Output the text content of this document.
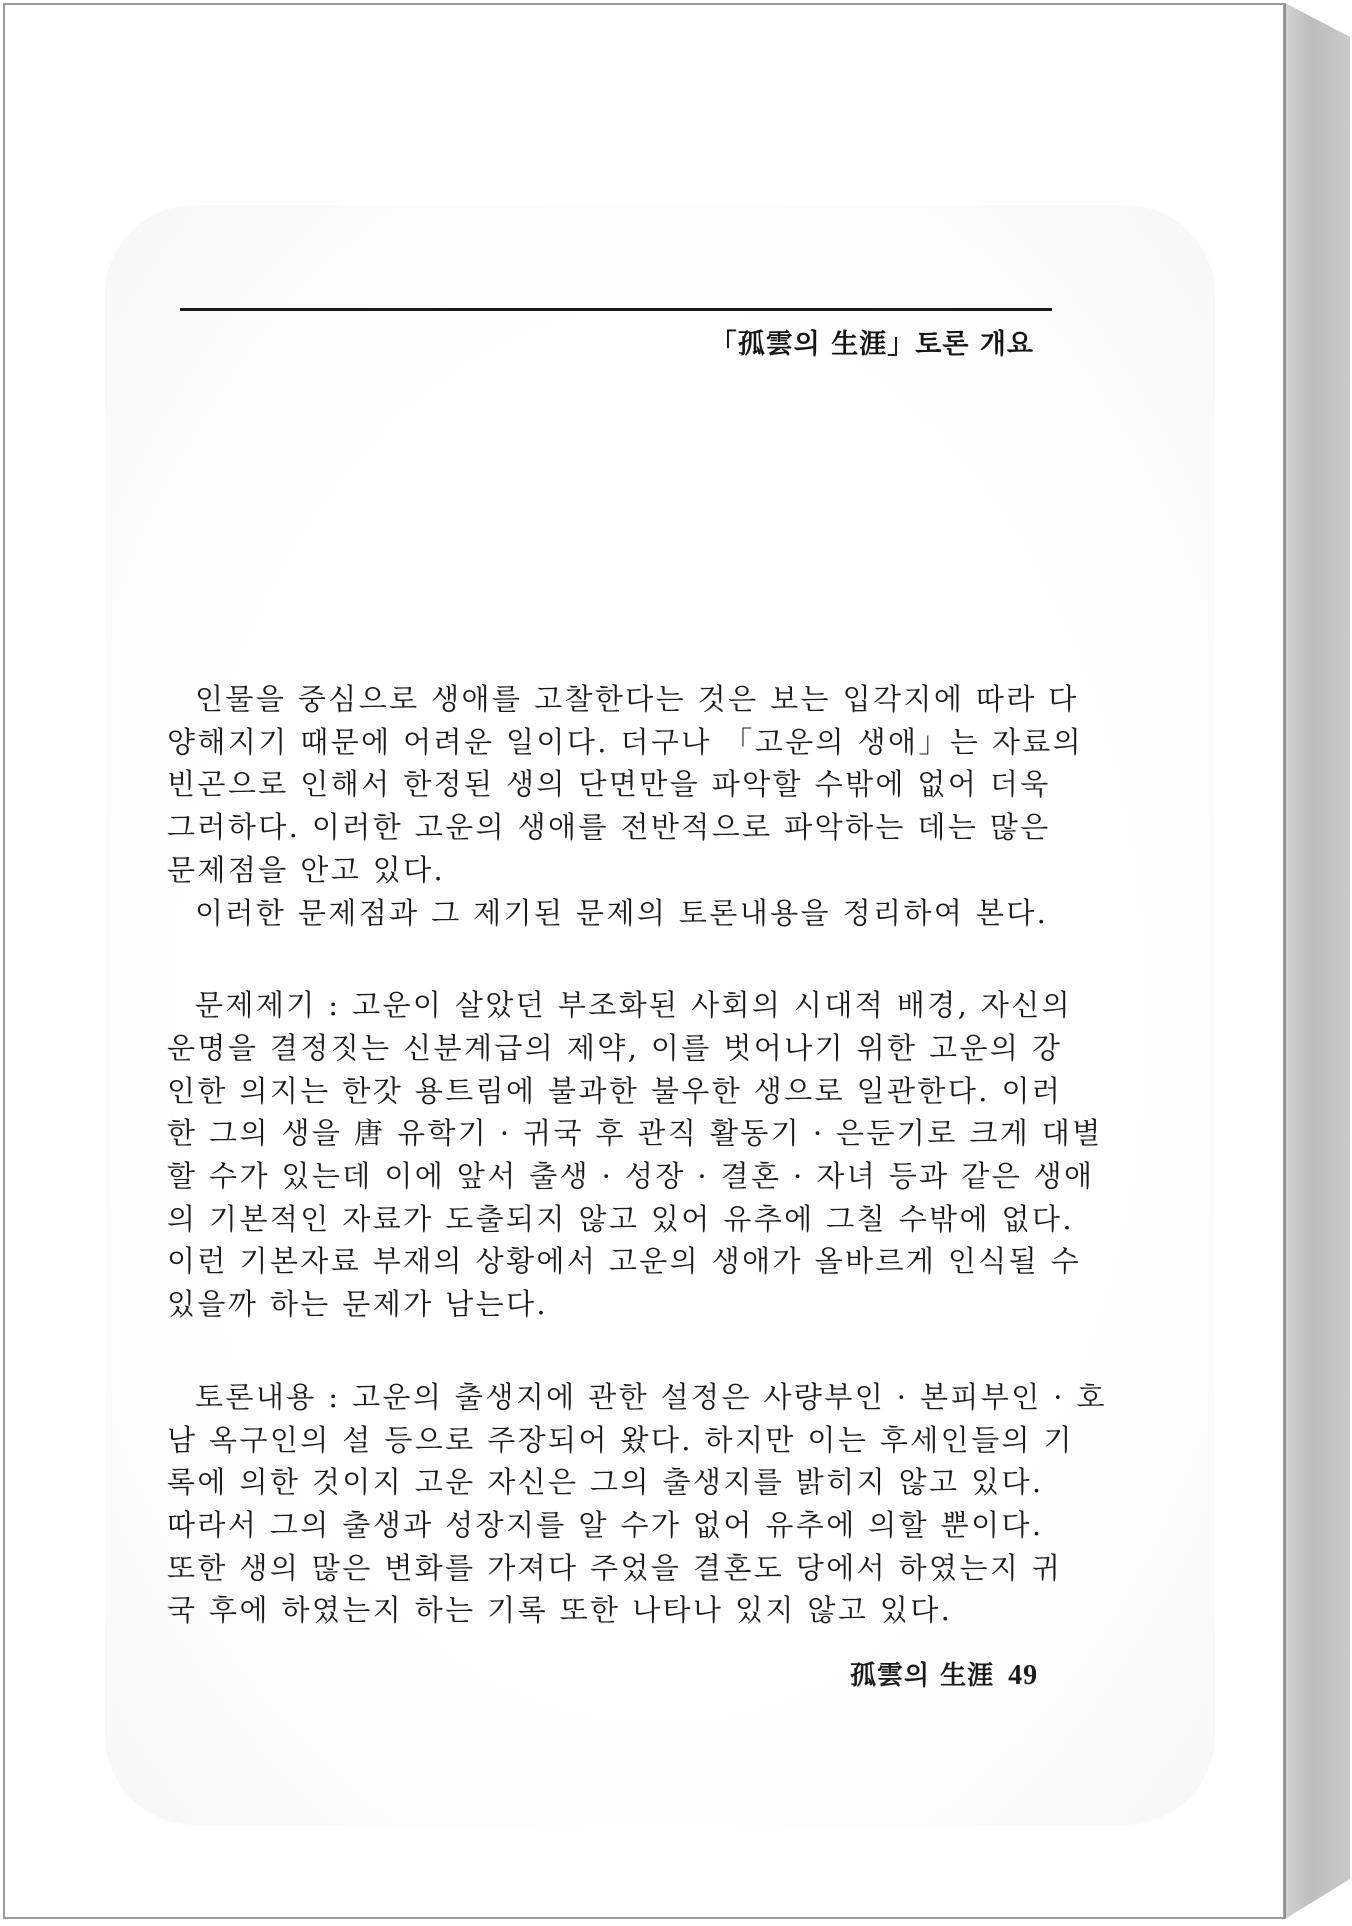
「孤雲의 生涯」토론 개요

인물을 중심으로 생애를 고찰한다는 것은 보는 입각지에 따라 다

양해지기 때문에 어려운 일이다. 더구나 「고운의 생애」는 자료의

빈곤으로 인해서 한정된 생의 단면만을 파악할 수밖에 없어 더욱

그러하다. 이러한 고운의 생애를 전반적으로 파악하는 데는 많은

문제점을 안고 있다.

이러한 문제점과 그 제기된 문제의 토론내용을 정리하여 본다.

문제제기 : 고운이 살았던 부조화된 사회의 시대적 배경, 자신의

운명을 결정짓는 신분계급의 제약, 이를 벗어나기 위한 고운의 강

인한 의지는 한갓 용트림에 불과한 불우한 생으로 일관한다. 이러

한 그의 생을 唐 유학기 · 귀국 후 관직 활동기 · 은둔기로 크게 대별

할 수가 있는데 이에 앞서 출생 · 성장 · 결혼 · 자녀 등과 같은 생애

의 기본적인 자료가 도출되지 않고 있어 유추에 그칠 수밖에 없다.

이런 기본자료 부재의 상황에서 고운의 생애가 올바르게 인식될 수

있을까 하는 문제가 남는다.

토론내용 : 고운의 출생지에 관한 설정은 사량부인 · 본피부인 · 호

남 옥구인의 설 등으로 주장되어 왔다. 하지만 이는 후세인들의 기

록에 의한 것이지 고운 자신은 그의 출생지를 밝히지 않고 있다.

따라서 그의 출생과 성장지를 알 수가 없어 유추에 의할 뿐이다.

또한 생의 많은 변화를 가져다 주었을 결혼도 당에서 하였는지 귀

국 후에 하였는지 하는 기록 또한 나타나 있지 않고 있다.

孤雲의 生涯 49
